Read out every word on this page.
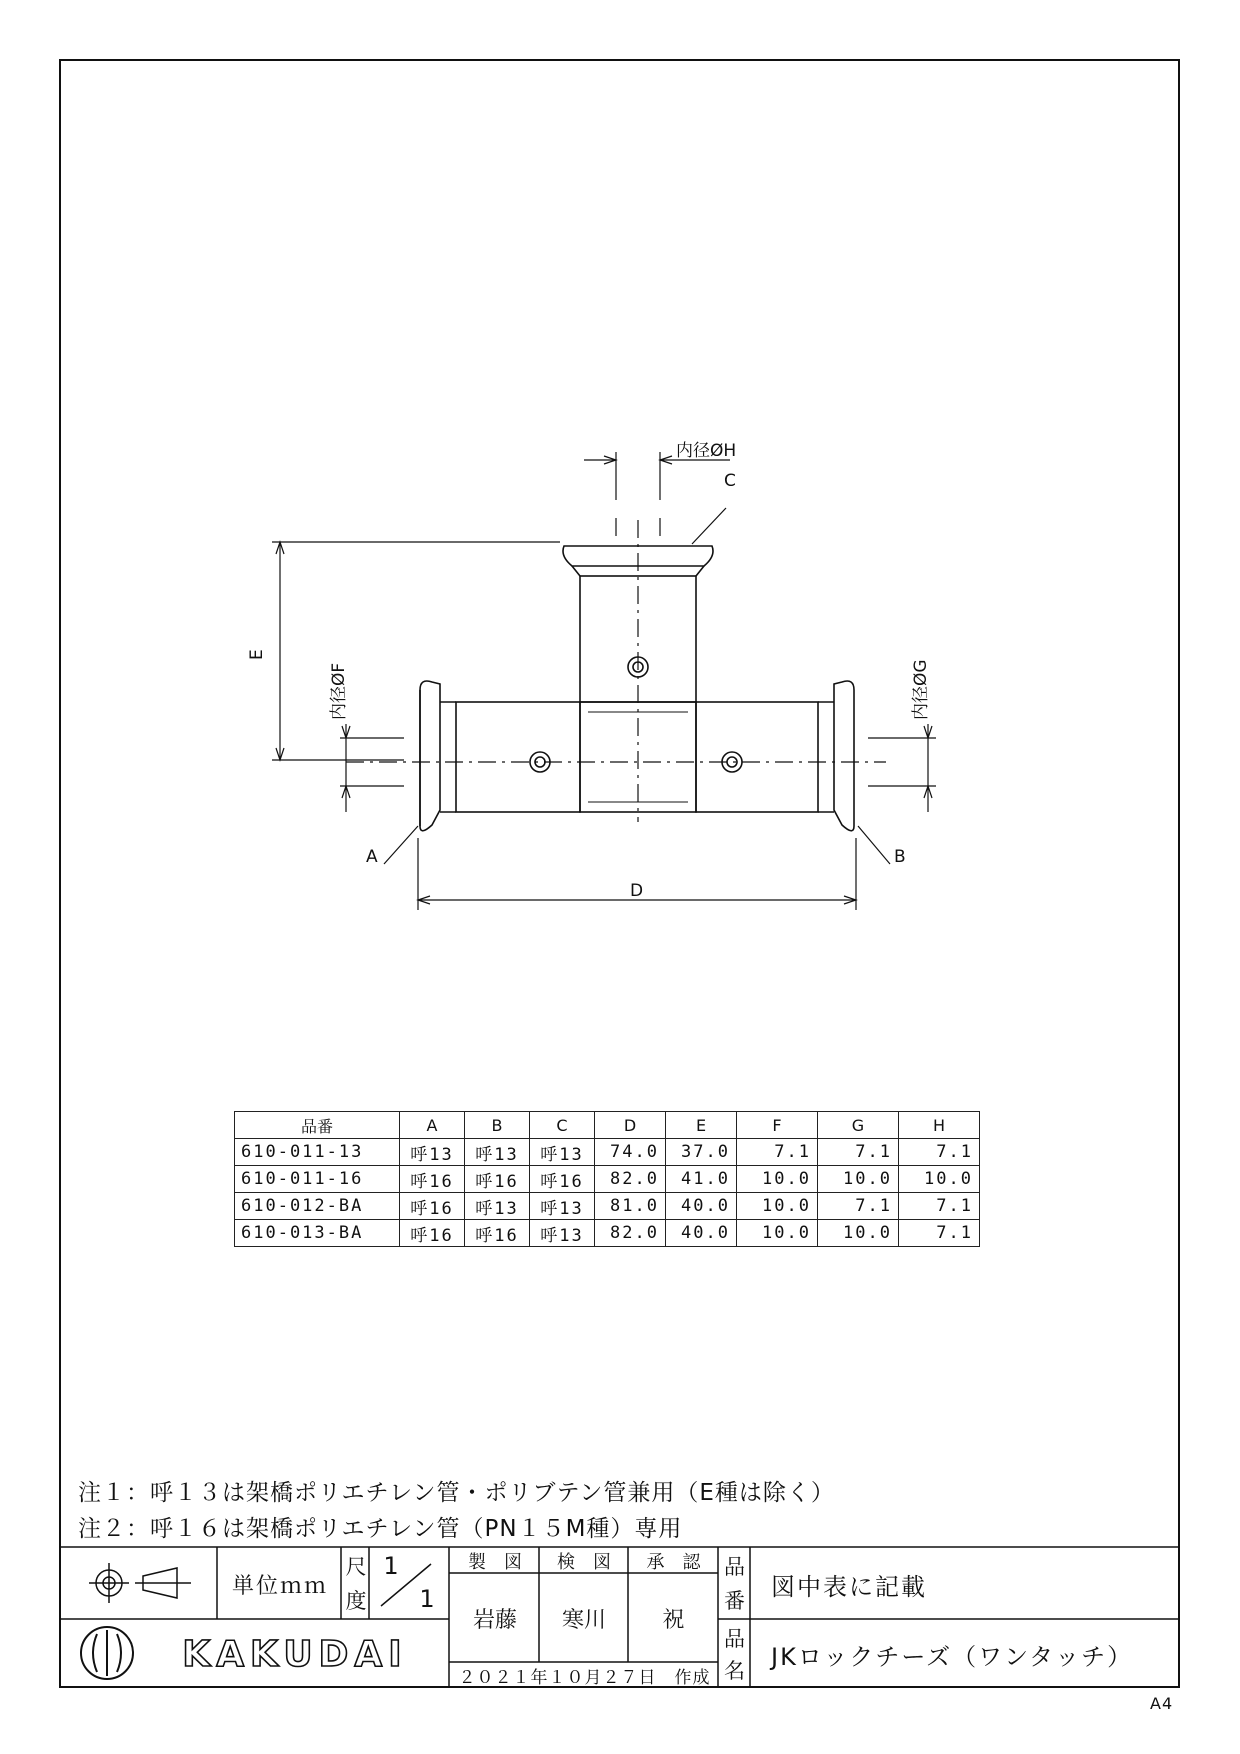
内径ØH
C
E
内径ØF	内径ØG
A	B
D
品番	A	B	C	D	E	F	G	H
610-011-13	呼13	呼13	呼13	74.0	37.0	7.1	7.1	7.1
610-011-16	呼16	呼16	呼16	82.0	41.0	10.0	10.0	10.0
610-012-BA	呼16	呼13	呼13	81.0	40.0	10.0	7.1	7.1
610-013-BA	呼16	呼16	呼13	82.0	40.0	10.0	10.0	7.1
注１：呼１３は架橋ポリエチレン管・ポリブテン管兼用（E種は除く）
注２：呼１６は架橋ポリエチレン管（PN１５M種）専用
単位ｍｍ
尺
度
1
1
製　図	検　図	承　認
岩藤	寒川	祝
２０２１年１０月２７日　作成
品
番
図中表に記載
品
名
JKロックチーズ（ワンタッチ）
KAKUDAI
A4
